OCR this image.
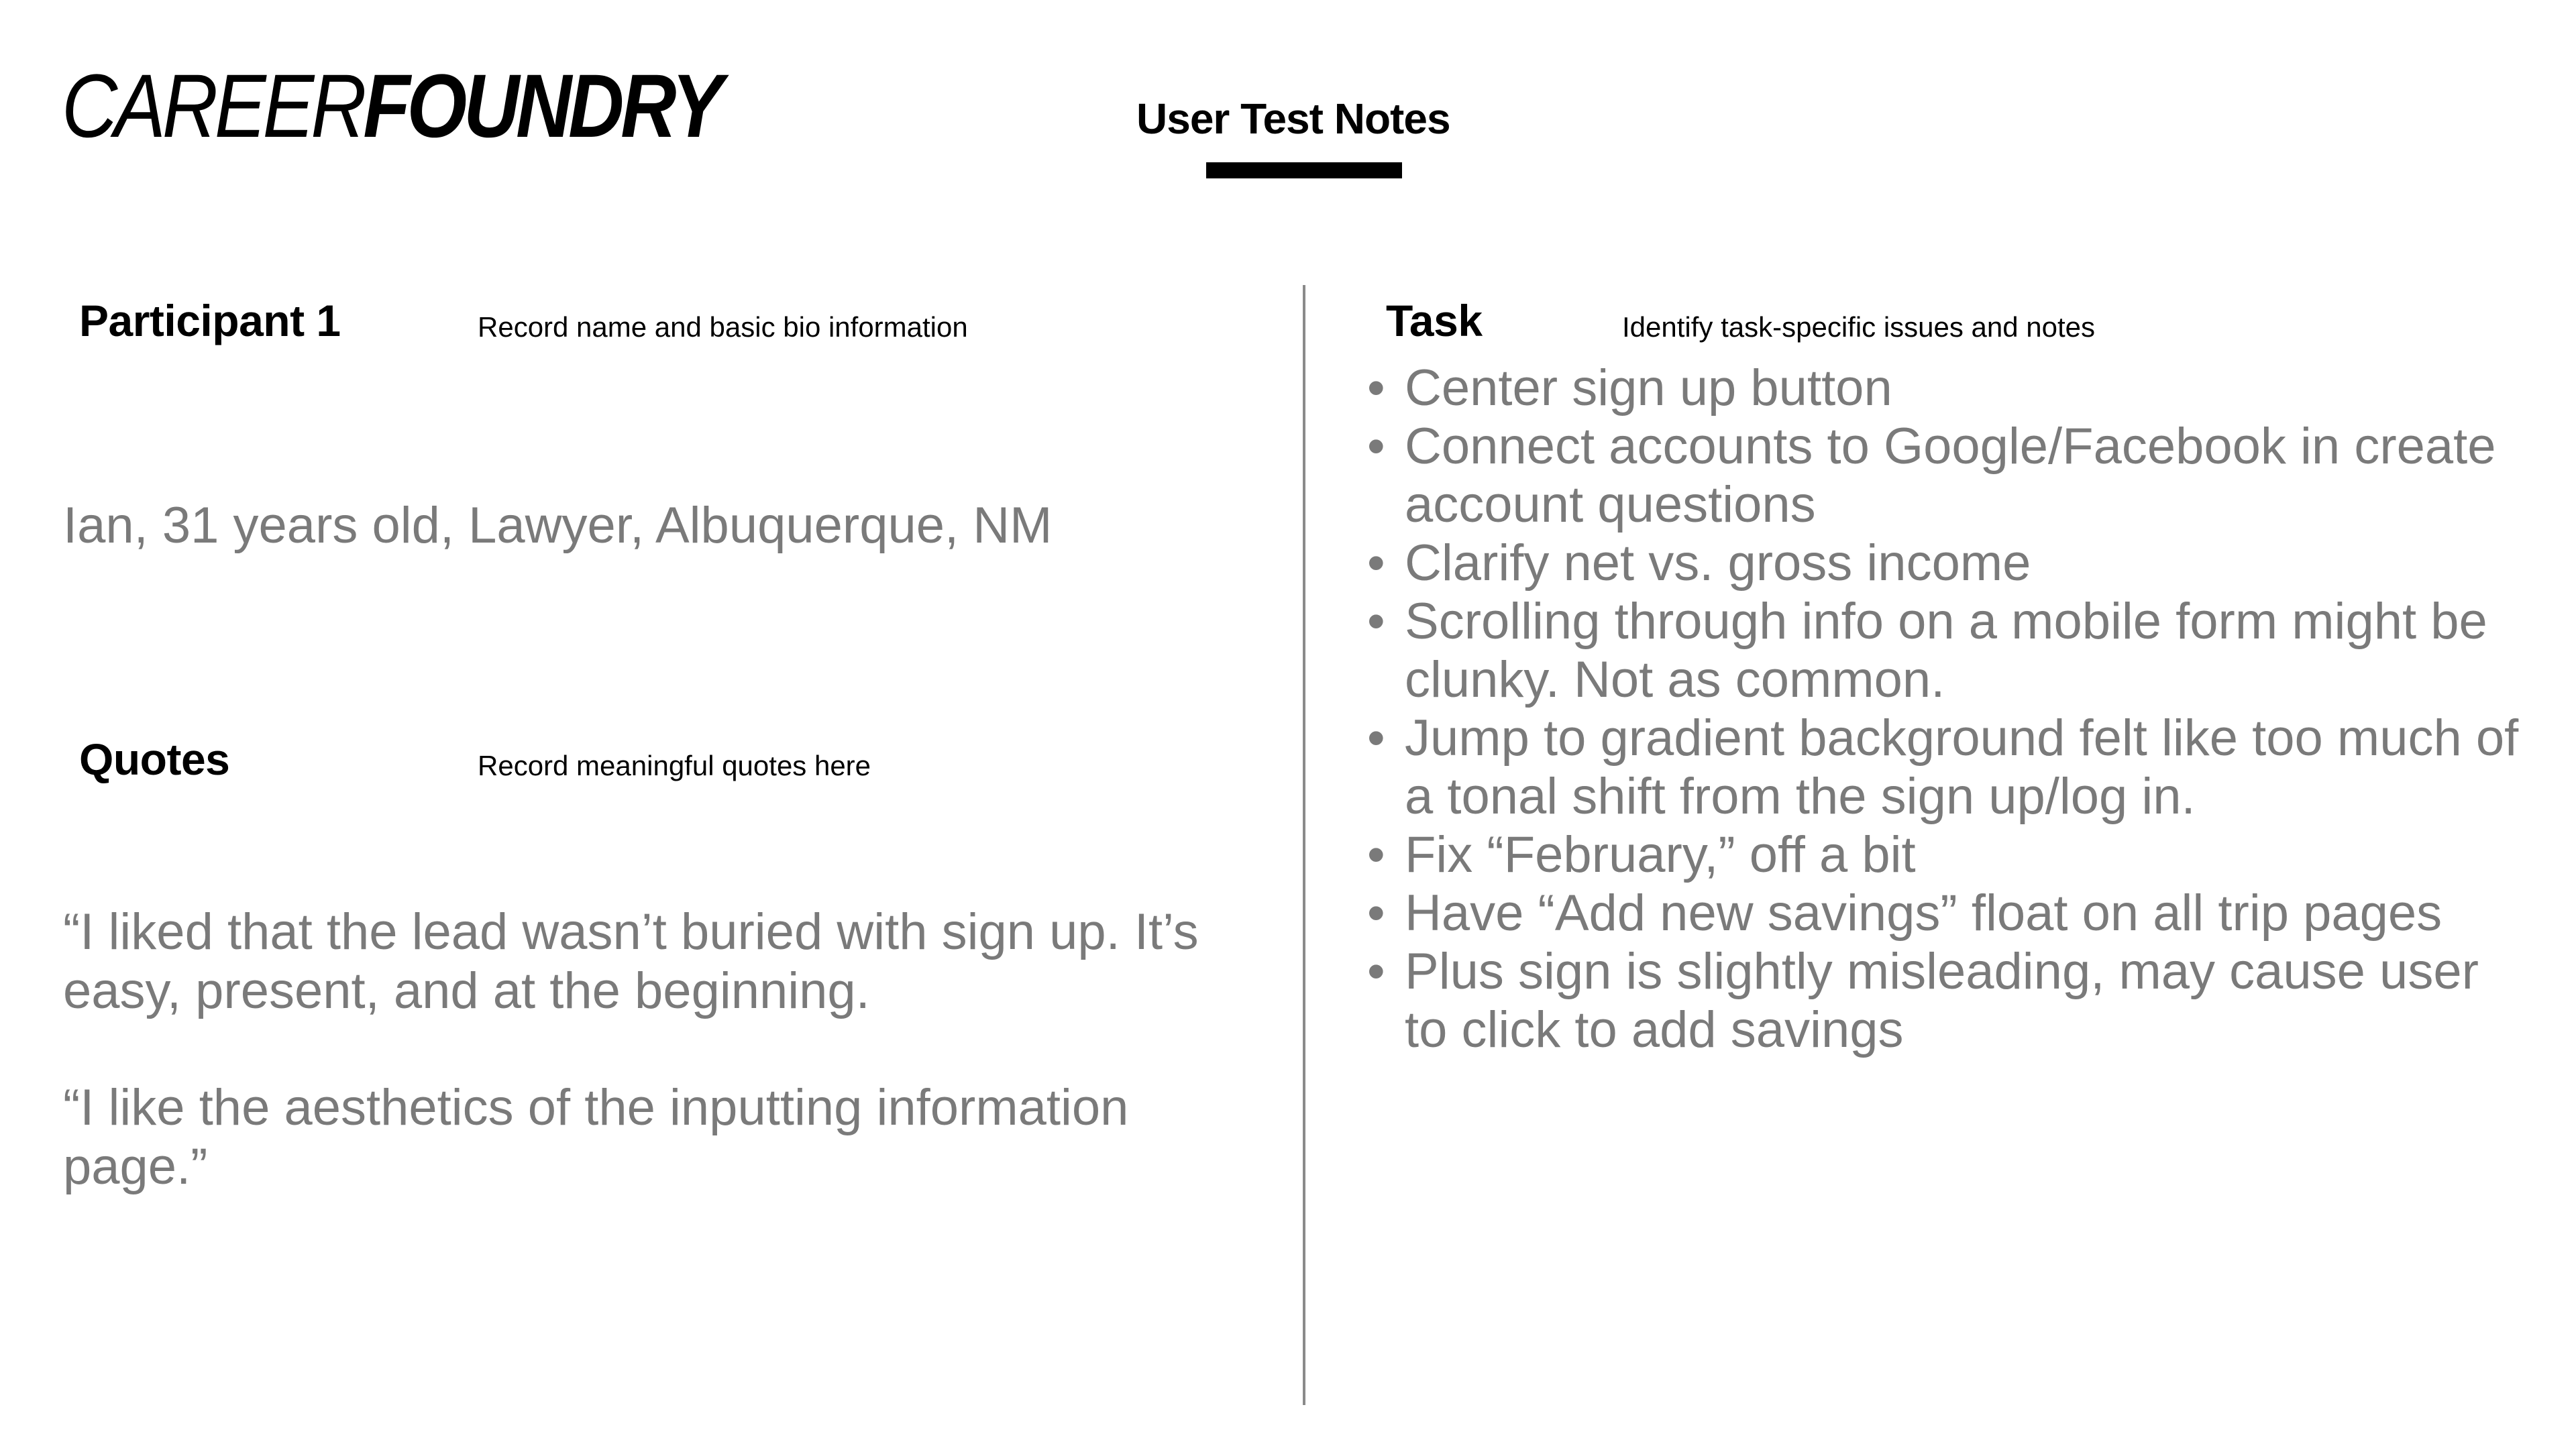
CAREERFOUNDRY	User Test Notes
Participant 1	Record name and basic bio information
Ian, 31 years old, Lawyer, Albuquerque, NM
Quotes	Record meaningful quotes here
“I liked that the lead wasn’t buried with sign up. It’s easy, present, and at the beginning.
“I like the aesthetics of the inputting information page.”
Task	Identify task-specific issues and notes
• Center sign up button
• Connect accounts to Google/Facebook in create account questions
• Clarify net vs. gross income
• Scrolling through info on a mobile form might be clunky. Not as common.
• Jump to gradient background felt like too much of a tonal shift from the sign up/log in.
• Fix “February,” off a bit
• Have “Add new savings” float on all trip pages
• Plus sign is slightly misleading, may cause user to click to add savings
